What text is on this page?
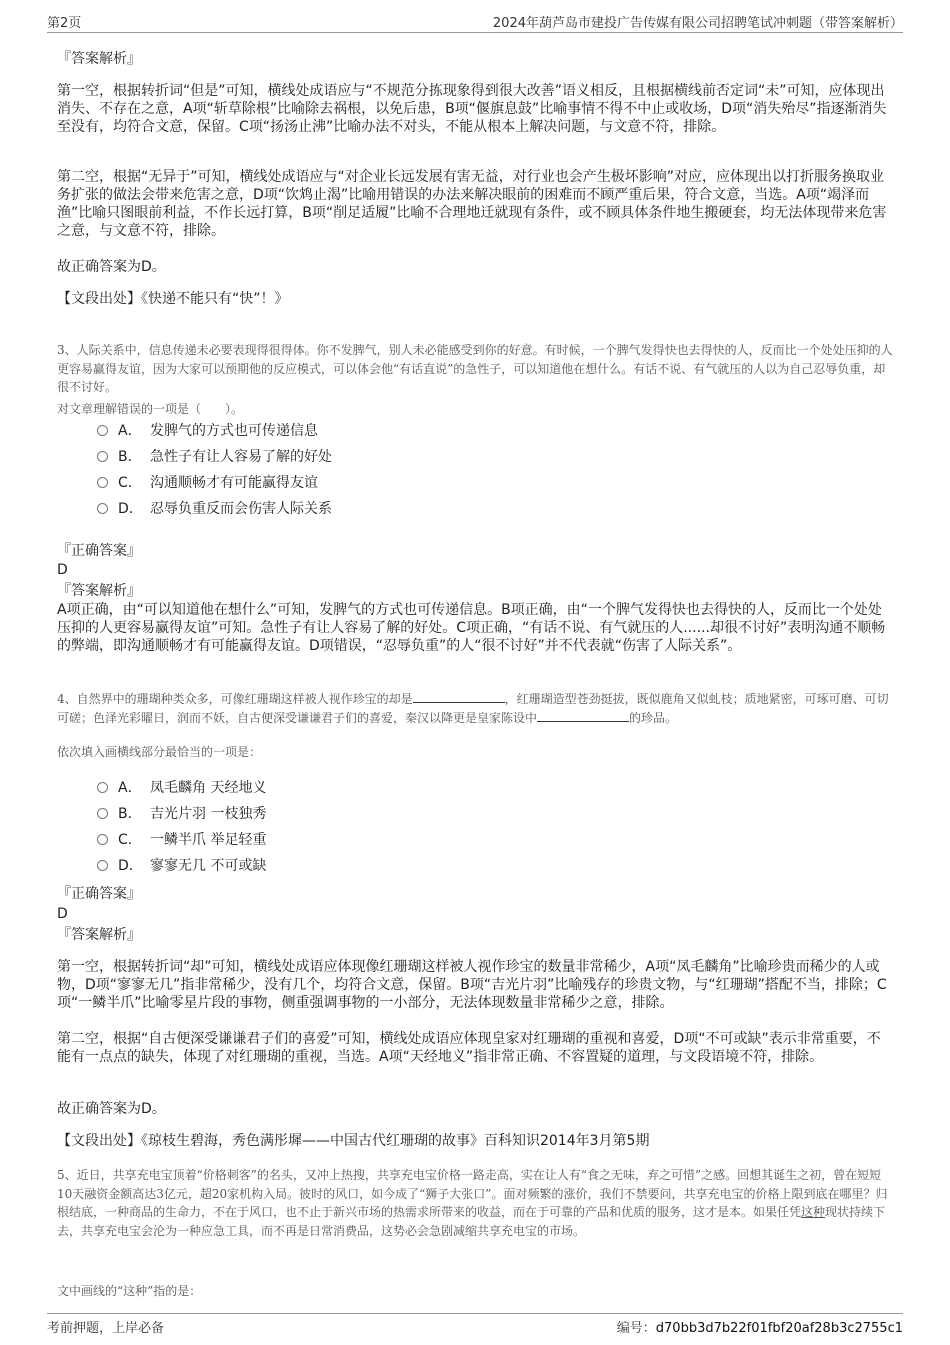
第2页	2024年葫芦岛市建投广告传媒有限公司招聘笔试冲刺题（带答案解析）

『答案解析』

第一空，根据转折词“但是”可知，横线处成语应与“不规范分拣现象得到很大改善”语义相反，且根据横线前否定词“未”可知，应体现出消失、不存在之意，A项“斩草除根”比喻除去祸根，以免后患，B项“偃旗息鼓”比喻事情不得不中止或收场，D项“消失殆尽”指逐渐消失至没有，均符合文意，保留。C项“扬汤止沸”比喻办法不对头，不能从根本上解决问题，与文意不符，排除。

第二空，根据“无异于”可知，横线处成语应与“对企业长远发展有害无益，对行业也会产生极坏影响”对应，应体现出以打折服务换取业务扩张的做法会带来危害之意，D项“饮鸩止渴”比喻用错误的办法来解决眼前的困难而不顾严重后果，符合文意，当选。A项“竭泽而渔”比喻只图眼前利益，不作长远打算，B项“削足适履”比喻不合理地迁就现有条件，或不顾具体条件地生搬硬套，均无法体现带来危害之意，与文意不符，排除。

故正确答案为D。

【文段出处】《快递不能只有“快”！》

3、人际关系中，信息传递未必要表现得很得体。你不发脾气，别人未必能感受到你的好意。有时候，一个脾气发得快也去得快的人，反而比一个处处压抑的人更容易赢得友谊，因为大家可以预期他的反应模式，可以体会他“有话直说”的急性子，可以知道他在想什么。有话不说、有气就压的人以为自己忍辱负重，却很不讨好。

对文章理解错误的一项是（　　）。

A． 发脾气的方式也可传递信息
B． 急性子有让人容易了解的好处
C． 沟通顺畅才有可能赢得友谊
D． 忍辱负重反而会伤害人际关系

『正确答案』

D

『答案解析』

A项正确，由“可以知道他在想什么”可知，发脾气的方式也可传递信息。B项正确，由“一个脾气发得快也去得快的人，反而比一个处处压抑的人更容易赢得友谊”可知。急性子有让人容易了解的好处。C项正确，“有话不说、有气就压的人......却很不讨好”表明沟通不顺畅的弊端，即沟通顺畅才有可能赢得友谊。D项错误，“忍辱负重”的人“很不讨好”并不代表就“伤害了人际关系”。

4、自然界中的珊瑚种类众多，可像红珊瑚这样被人视作珍宝的却是	，红珊瑚造型苍劲挺拔，既似鹿角又似虬枝；质地紧密，可琢可磨、可切可磋；色泽光彩曜日，润而不妖，自古便深受谦谦君子们的喜爱，秦汉以降更是皇家陈设中	的珍品。

依次填入画横线部分最恰当的一项是：

A． 凤毛麟角 天经地义
B． 吉光片羽 一枝独秀
C． 一鳞半爪 举足轻重
D． 寥寥无几 不可或缺

『正确答案』

D

『答案解析』

第一空，根据转折词“却”可知，横线处成语应体现像红珊瑚这样被人视作珍宝的数量非常稀少，A项“凤毛麟角”比喻珍贵而稀少的人或物，D项“寥寥无几”指非常稀少，没有几个，均符合文意，保留。B项“吉光片羽”比喻残存的珍贵文物，与“红珊瑚”搭配不当，排除；C项“一鳞半爪”比喻零星片段的事物，侧重强调事物的一小部分，无法体现数量非常稀少之意，排除。

第二空，根据“自古便深受谦谦君子们的喜爱”可知，横线处成语应体现皇家对红珊瑚的重视和喜爱，D项“不可或缺”表示非常重要，不能有一点点的缺失，体现了对红珊瑚的重视，当选。A项“天经地义”指非常正确、不容置疑的道理，与文段语境不符，排除。

故正确答案为D。

【文段出处】《琼枝生碧海，秀色满彤墀——中国古代红珊瑚的故事》百科知识2014年3月第5期

5、近日，共享充电宝顶着“价格刺客”的名头，又冲上热搜，共享充电宝价格一路走高，实在让人有“食之无味，弃之可惜”之感。回想其诞生之初，曾在短短10天融资金额高达3亿元，超20家机构入局。彼时的风口，如今成了“狮子大张口”。面对频繁的涨价，我们不禁要问，共享充电宝的价格上限到底在哪里？归根结底，一种商品的生命力，不在于风口，也不止于新兴市场的热需求所带来的收益，而在于可靠的产品和优质的服务，这才是本。如果任凭这种现状持续下去，共享充电宝会沦为一种应急工具，而不再是日常消费品，这势必会急剧减缩共享充电宝的市场。

文中画线的“这种”指的是：

考前押题，上岸必备	编号：d70bb3d7b22f01fbf20af28b3c2755c1
